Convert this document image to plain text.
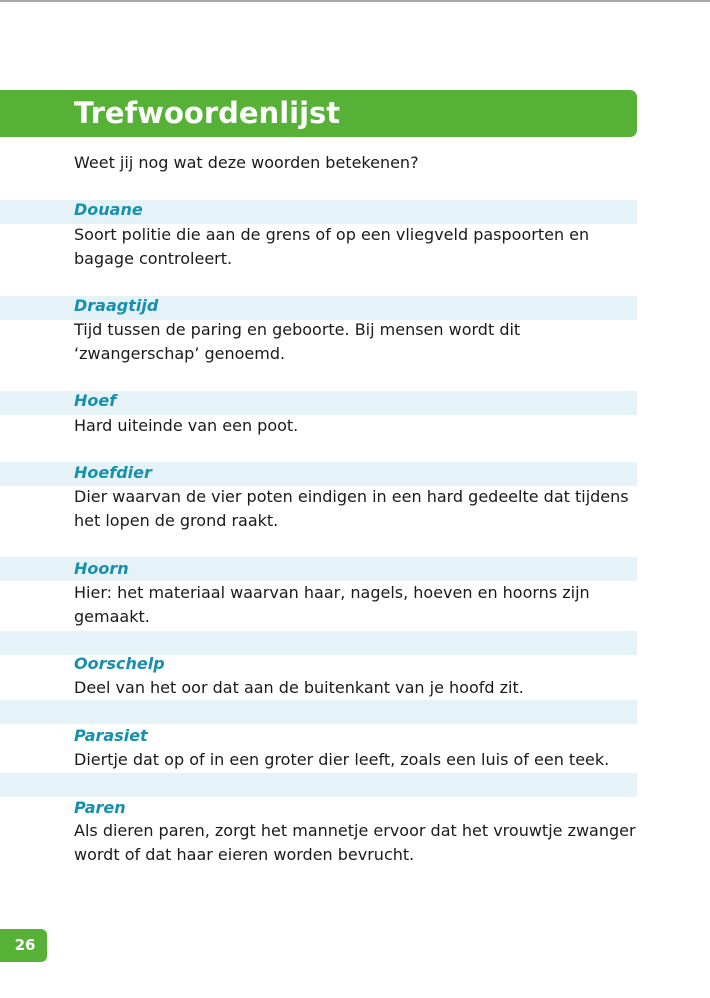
Trefwoordenlijst
Weet jij nog wat deze woorden betekenen?
Douane
Soort politie die aan de grens of op een vliegveld paspoorten en bagage controleert.
Draagtijd
Tijd tussen de paring en geboorte. Bij mensen wordt dit ‘zwangerschap’ genoemd.
Hoef
Hard uiteinde van een poot.
Hoefdier
Dier waarvan de vier poten eindigen in een hard gedeelte dat tijdens het lopen de grond raakt.
Hoorn
Hier: het materiaal waarvan haar, nagels, hoeven en hoorns zijn gemaakt.
Oorschelp
Deel van het oor dat aan de buitenkant van je hoofd zit.
Parasiet
Diertje dat op of in een groter dier leeft, zoals een luis of een teek.
Paren
Als dieren paren, zorgt het mannetje ervoor dat het vrouwtje zwanger wordt of dat haar eieren worden bevrucht.
26
